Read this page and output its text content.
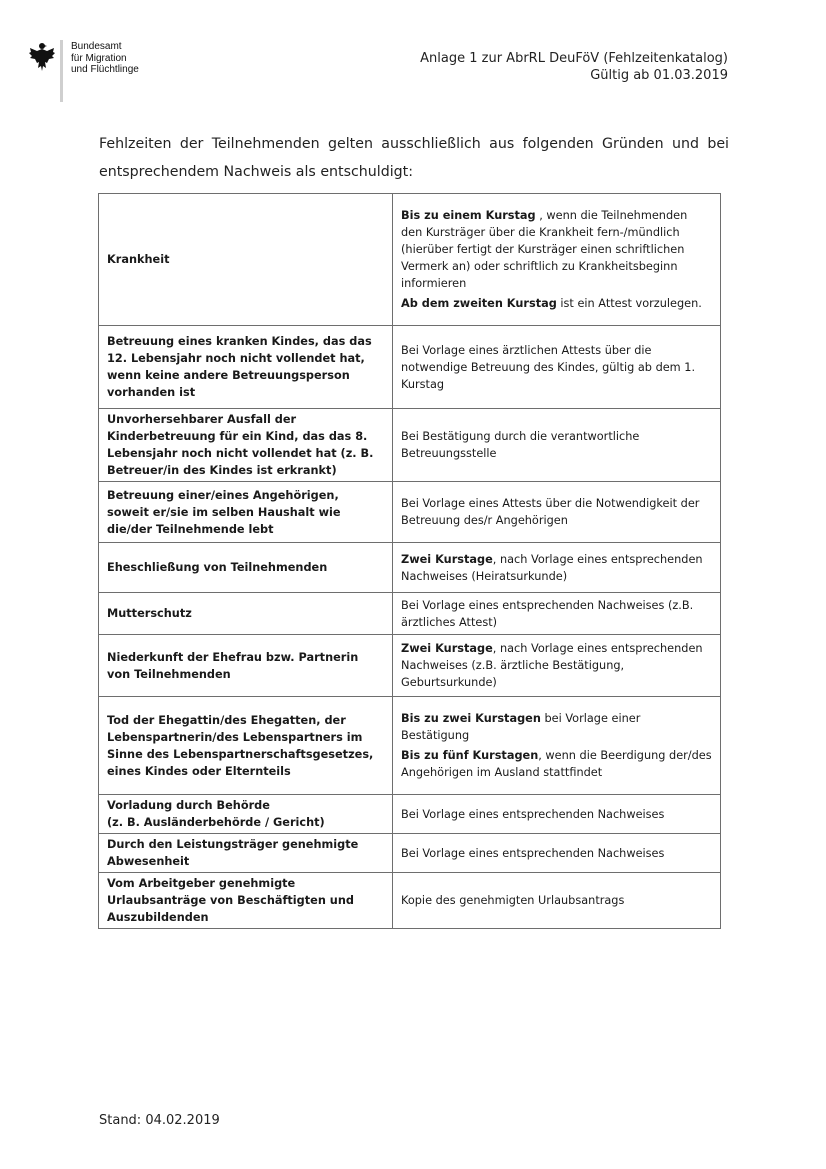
Bundesamt
für Migration
und Flüchtlinge
Anlage 1 zur AbrRL DeuFöV (Fehlzeitenkatalog)
Gültig ab 01.03.2019

Fehlzeiten der Teilnehmenden gelten ausschließlich aus folgenden Gründen und bei entsprechendem Nachweis als entschuldigt:

Krankheit	Bis zu einem Kurstag , wenn die Teilnehmenden den Kursträger über die Krankheit fern-/mündlich (hierüber fertigt der Kursträger einen schriftlichen Vermerk an) oder schriftlich zu Krankheitsbeginn informieren
Ab dem zweiten Kurstag ist ein Attest vorzulegen.

Betreuung eines kranken Kindes, das das 12. Lebensjahr noch nicht vollendet hat, wenn keine andere Betreuungsperson vorhanden ist	Bei Vorlage eines ärztlichen Attests über die notwendige Betreuung des Kindes, gültig ab dem 1. Kurstag

Unvorhersehbarer Ausfall der Kinderbetreuung für ein Kind, das das 8. Lebensjahr noch nicht vollendet hat (z. B. Betreuer/in des Kindes ist erkrankt)	Bei Bestätigung durch die verantwortliche Betreuungsstelle

Betreuung einer/eines Angehörigen, soweit er/sie im selben Haushalt wie die/der Teilnehmende lebt	Bei Vorlage eines Attests über die Notwendigkeit der Betreuung des/r Angehörigen

Eheschließung von Teilnehmenden	Zwei Kurstage, nach Vorlage eines entsprechenden Nachweises (Heiratsurkunde)

Mutterschutz	Bei Vorlage eines entsprechenden Nachweises (z.B. ärztliches Attest)

Niederkunft der Ehefrau bzw. Partnerin von Teilnehmenden	Zwei Kurstage, nach Vorlage eines entsprechenden Nachweises (z.B. ärztliche Bestätigung, Geburtsurkunde)

Tod der Ehegattin/des Ehegatten, der Lebenspartnerin/des Lebenspartners im Sinne des Lebenspartnerschaftsgesetzes, eines Kindes oder Elternteils	Bis zu zwei Kurstagen bei Vorlage einer Bestätigung
Bis zu fünf Kurstagen, wenn die Beerdigung der/des Angehörigen im Ausland stattfindet

Vorladung durch Behörde
(z. B. Ausländerbehörde / Gericht)	Bei Vorlage eines entsprechenden Nachweises

Durch den Leistungsträger genehmigte Abwesenheit	Bei Vorlage eines entsprechenden Nachweises

Vom Arbeitgeber genehmigte Urlaubsanträge von Beschäftigten und Auszubildenden	Kopie des genehmigten Urlaubsantrags
Stand: 04.02.2019
